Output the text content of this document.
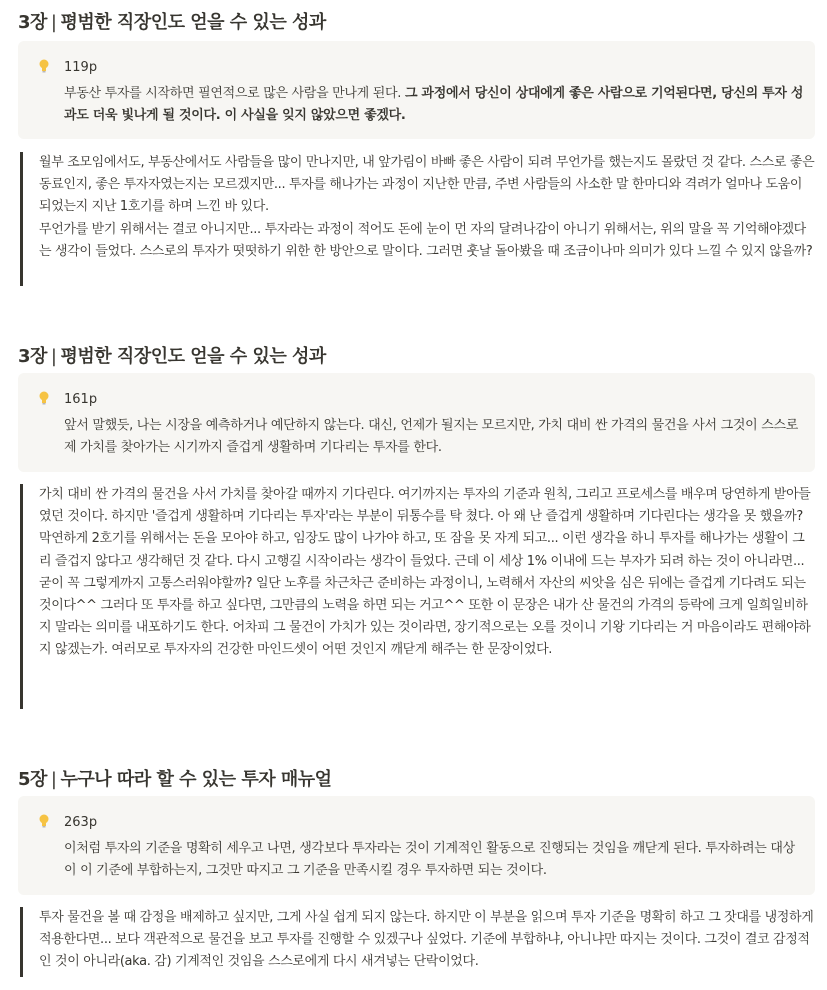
3장 | 평범한 직장인도 얻을 수 있는 성과
119p
부동산 투자를 시작하면 필연적으로 많은 사람을 만나게 된다. 그 과정에서 당신이 상대에게 좋은 사람으로 기억된다면, 당신의 투자 성과도 더욱 빛나게 될 것이다. 이 사실을 잊지 않았으면 좋겠다.

월부 조모임에서도, 부동산에서도 사람들을 많이 만나지만, 내 앞가림이 바빠 좋은 사람이 되려 무언가를 했는지도 몰랐던 것 같다. 스스로 좋은 동료인지, 좋은 투자자였는지는 모르겠지만... 투자를 해나가는 과정이 지난한 만큼, 주변 사람들의 사소한 말 한마디와 격려가 얼마나 도움이 되었는지 지난 1호기를 하며 느낀 바 있다.

무언가를 받기 위해서는 결코 아니지만... 투자라는 과정이 적어도 돈에 눈이 먼 자의 달려나감이 아니기 위해서는, 위의 말을 꼭 기억해야겠다는 생각이 들었다. 스스로의 투자가 떳떳하기 위한 한 방안으로 말이다. 그러면 훗날 돌아봤을 때 조금이나마 의미가 있다 느낄 수 있지 않을까?

3장 | 평범한 직장인도 얻을 수 있는 성과
161p
앞서 말했듯, 나는 시장을 예측하거나 예단하지 않는다. 대신, 언제가 될지는 모르지만, 가치 대비 싼 가격의 물건을 사서 그것이 스스로 제 가치를 찾아가는 시기까지 즐겁게 생활하며 기다리는 투자를 한다.

가치 대비 싼 가격의 물건을 사서 가치를 찾아갈 때까지 기다린다. 여기까지는 투자의 기준과 원칙, 그리고 프로세스를 배우며 당연하게 받아들였던 것이다. 하지만 '즐겁게 생활하며 기다리는 투자'라는 부분이 뒤통수를 탁 쳤다. 아 왜 난 즐겁게 생활하며 기다린다는 생각을 못 했을까?

막연하게 2호기를 위해서는 돈을 모아야 하고, 임장도 많이 나가야 하고, 또 잠을 못 자게 되고... 이런 생각을 하니 투자를 해나가는 생활이 그리 즐겁지 않다고 생각해던 것 같다. 다시 고행길 시작이라는 생각이 들었다. 근데 이 세상 1% 이내에 드는 부자가 되려 하는 것이 아니라면... 굳이 꼭 그렇게까지 고통스러워야할까? 일단 노후를 차근차근 준비하는 과정이니, 노력해서 자산의 씨앗을 심은 뒤에는 즐겁게 기다려도 되는 것이다^^ 그러다 또 투자를 하고 싶다면, 그만큼의 노력을 하면 되는 거고^^ 또한 이 문장은 내가 산 물건의 가격의 등락에 크게 일희일비하지 말라는 의미를 내포하기도 한다. 어차피 그 물건이 가치가 있는 것이라면, 장기적으로는 오를 것이니 기왕 기다리는 거 마음이라도 편해야하지 않겠는가. 여러모로 투자자의 건강한 마인드셋이 어떤 것인지 깨닫게 해주는 한 문장이었다.

5장 | 누구나 따라 할 수 있는 투자 매뉴얼
263p
이처럼 투자의 기준을 명확히 세우고 나면, 생각보다 투자라는 것이 기계적인 활동으로 진행되는 것임을 깨닫게 된다. 투자하려는 대상이 이 기준에 부합하는지, 그것만 따지고 그 기준을 만족시킬 경우 투자하면 되는 것이다.

투자 물건을 볼 때 감정을 배제하고 싶지만, 그게 사실 쉽게 되지 않는다. 하지만 이 부분을 읽으며 투자 기준을 명확히 하고 그 잣대를 냉정하게 적용한다면... 보다 객관적으로 물건을 보고 투자를 진행할 수 있겠구나 싶었다. 기준에 부합하냐, 아니냐만 따지는 것이다. 그것이 결코 감정적인 것이 아니라(aka. 감) 기계적인 것임을 스스로에게 다시 새겨넣는 단락이었다.
